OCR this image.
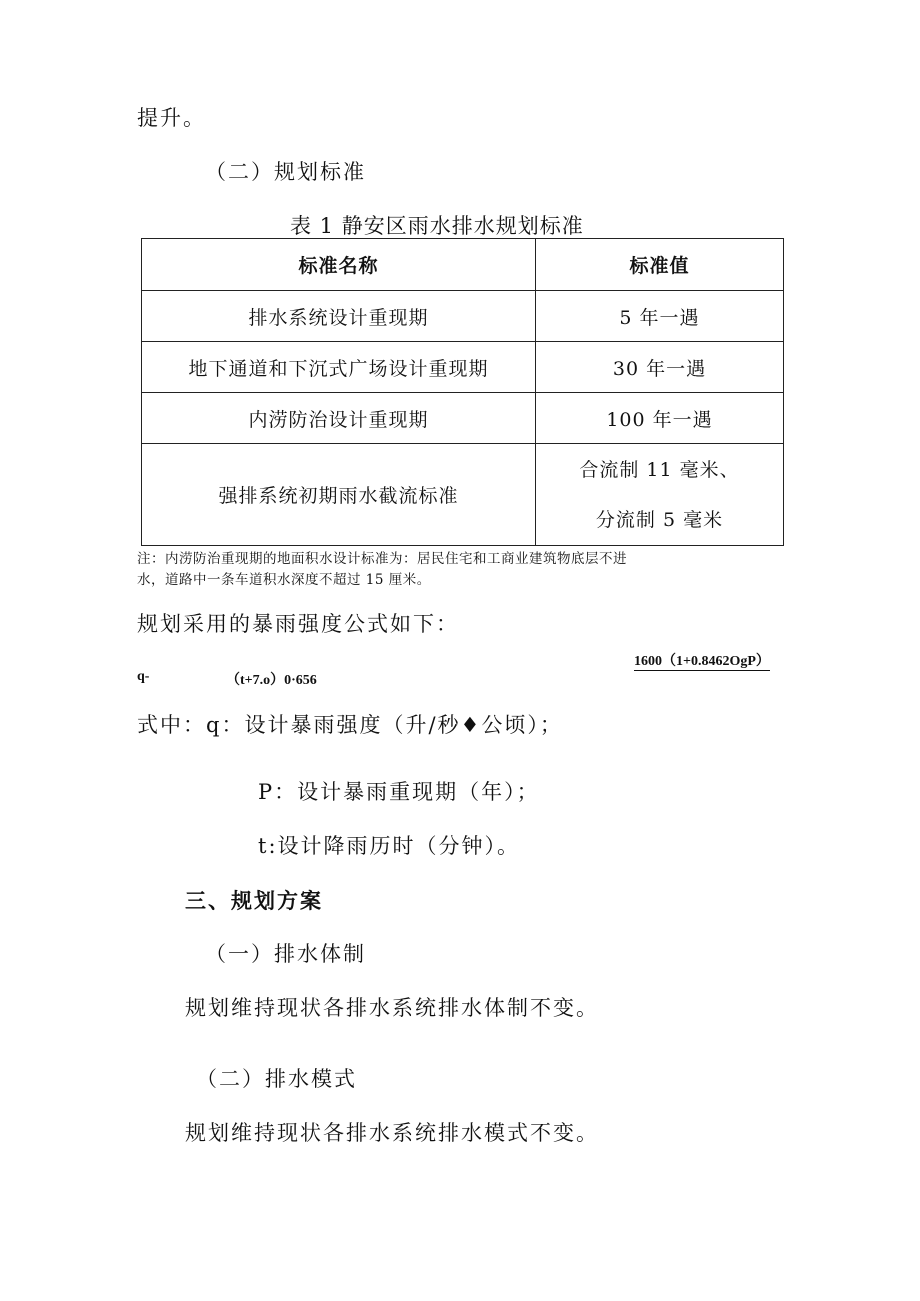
提升。
（二）规划标准
表 1 静安区雨水排水规划标准
标准名称	标准值
排水系统设计重现期	5 年一遇
地下通道和下沉式广场设计重现期	30 年一遇
内涝防治设计重现期	100 年一遇
强排系统初期雨水截流标准	合流制 11 毫米、
分流制 5 毫米
注：内涝防治重现期的地面积水设计标准为：居民住宅和工商业建筑物底层不进
水，道路中一条车道积水深度不超过 15 厘米。
规划采用的暴雨强度公式如下：
1600（1+0.8462OgP）
q-	（t+7.o）0·656
式中：q：设计暴雨强度（升/秒♦公顷）；
P：设计暴雨重现期（年）；
t:设计降雨历时（分钟）。
三、规划方案
（一）排水体制
规划维持现状各排水系统排水体制不变。
（二）排水模式
规划维持现状各排水系统排水模式不变。
